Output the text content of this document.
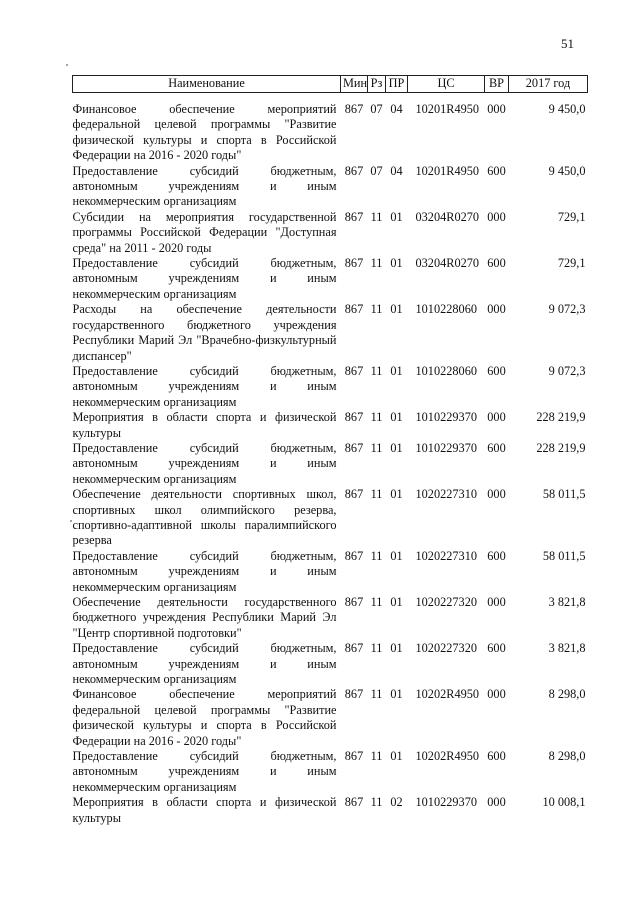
51
Наименование	Мин	Рз	ПР	ЦС	ВР	2017 год
Финансовое обеспечение мероприятий федеральной целевой программы "Развитие физической культуры и спорта в Российской Федерации на 2016 - 2020 годы"	867	07	04	10201R4950	000	9 450,0
Предоставление субсидий бюджетным, автономным учреждениям и иным некоммерческим организациям	867	07	04	10201R4950	600	9 450,0
Субсидии на мероприятия государственной программы Российской Федерации "Доступная среда" на 2011 - 2020 годы	867	11	01	03204R0270	000	729,1
Предоставление субсидий бюджетным, автономным учреждениям и иным некоммерческим организациям	867	11	01	03204R0270	600	729,1
Расходы на обеспечение деятельности государственного бюджетного учреждения Республики Марий Эл "Врачебно-физкультурный диспансер"	867	11	01	1010228060	000	9 072,3
Предоставление субсидий бюджетным, автономным учреждениям и иным некоммерческим организациям	867	11	01	1010228060	600	9 072,3
Мероприятия в области спорта и физической культуры	867	11	01	1010229370	000	228 219,9
Предоставление субсидий бюджетным, автономным учреждениям и иным некоммерческим организациям	867	11	01	1010229370	600	228 219,9
Обеспечение деятельности спортивных школ, спортивных школ олимпийского резерва, спортивно-адаптивной школы паралимпийского резерва	867	11	01	1020227310	000	58 011,5
Предоставление субсидий бюджетным, автономным учреждениям и иным некоммерческим организациям	867	11	01	1020227310	600	58 011,5
Обеспечение деятельности государственного бюджетного учреждения Республики Марий Эл "Центр спортивной подготовки"	867	11	01	1020227320	000	3 821,8
Предоставление субсидий бюджетным, автономным учреждениям и иным некоммерческим организациям	867	11	01	1020227320	600	3 821,8
Финансовое обеспечение мероприятий федеральной целевой программы "Развитие физической культуры и спорта в Российской Федерации на 2016 - 2020 годы"	867	11	01	10202R4950	000	8 298,0
Предоставление субсидий бюджетным, автономным учреждениям и иным некоммерческим организациям	867	11	01	10202R4950	600	8 298,0
Мероприятия в области спорта и физической культуры	867	11	02	1010229370	000	10 008,1
